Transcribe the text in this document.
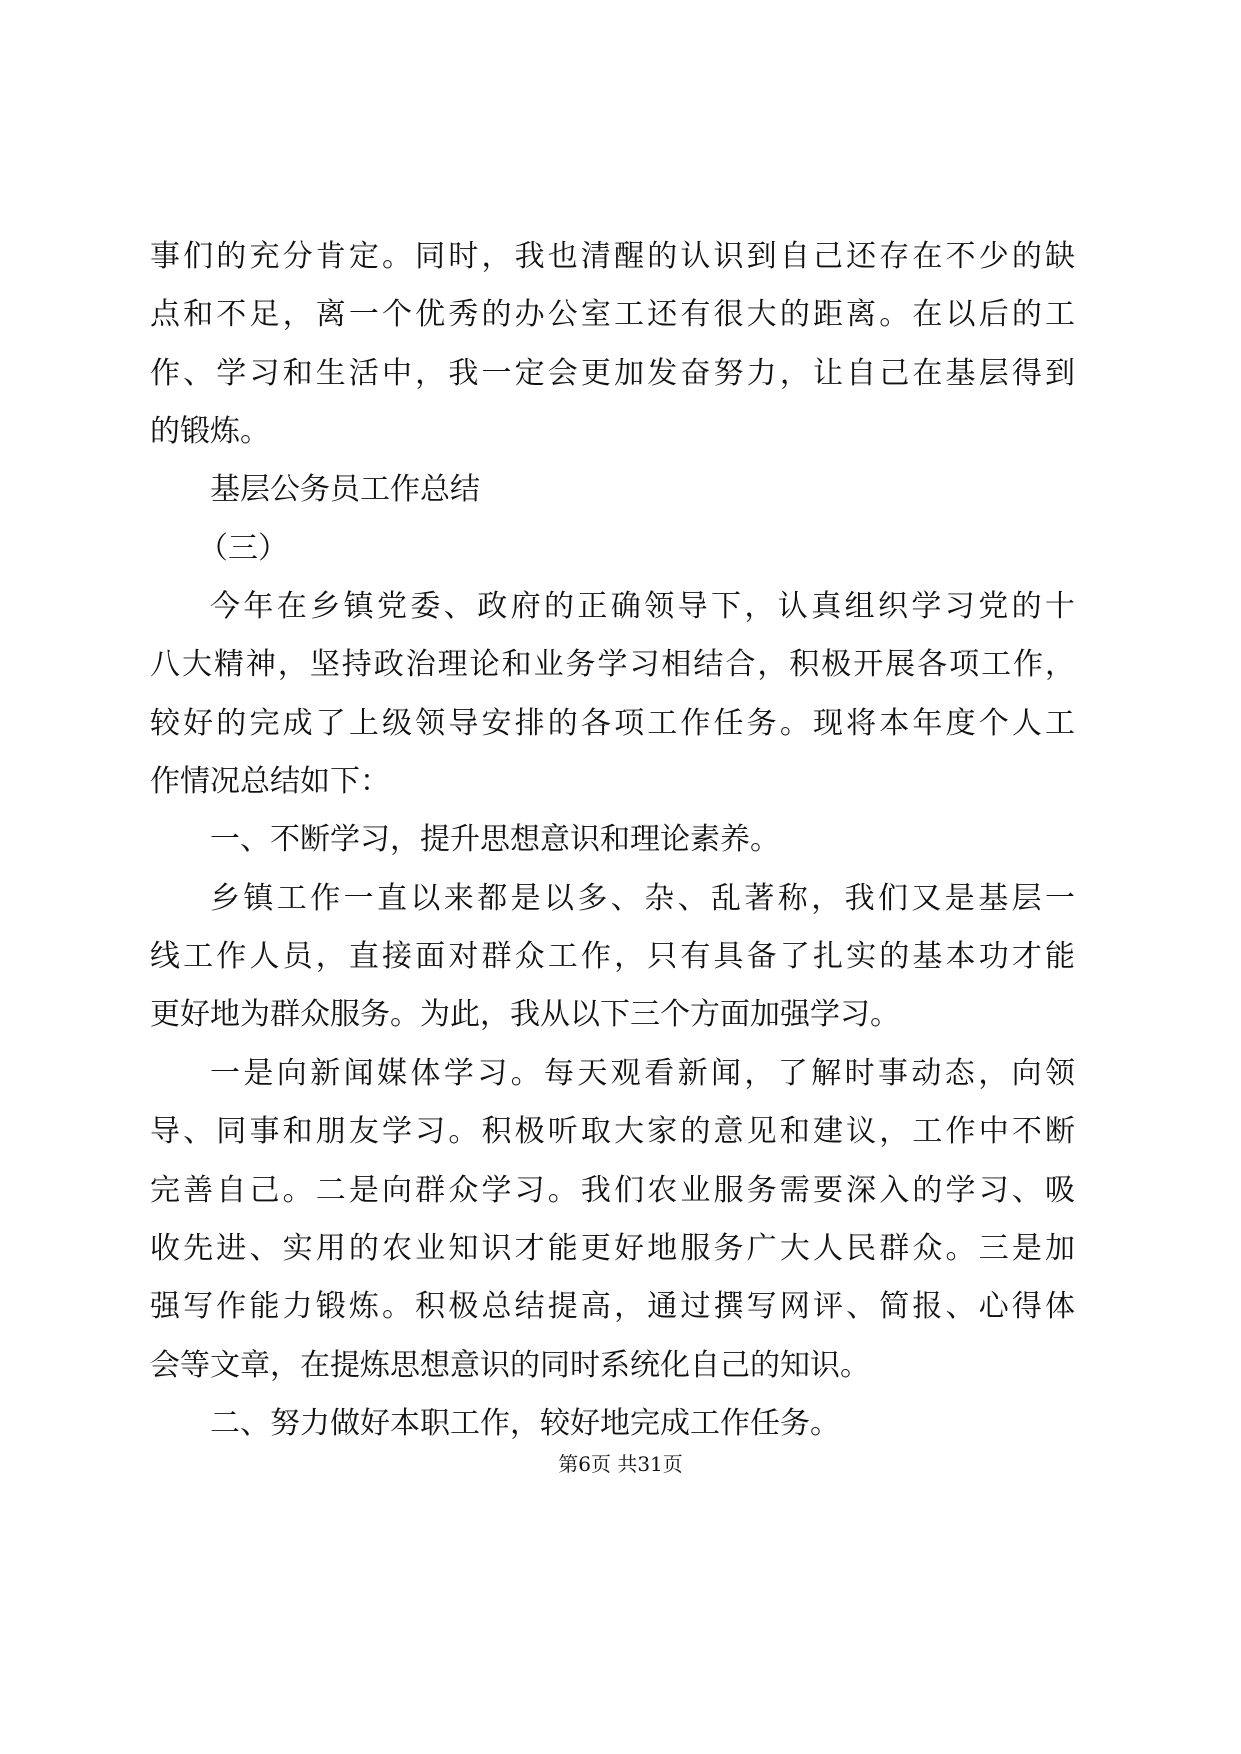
事们的充分肯定。同时，我也清醒的认识到自己还存在不少的缺
点和不足，离一个优秀的办公室工还有很大的距离。在以后的工
作、学习和生活中，我一定会更加发奋努力，让自己在基层得到
的锻炼。
基层公务员工作总结
（三）
今年在乡镇党委、政府的正确领导下，认真组织学习党的十
八大精神，坚持政治理论和业务学习相结合，积极开展各项工作，
较好的完成了上级领导安排的各项工作任务。现将本年度个人工
作情况总结如下：
一、不断学习，提升思想意识和理论素养。
乡镇工作一直以来都是以多、杂、乱著称，我们又是基层一
线工作人员，直接面对群众工作，只有具备了扎实的基本功才能
更好地为群众服务。为此，我从以下三个方面加强学习。
一是向新闻媒体学习。每天观看新闻，了解时事动态，向领
导、同事和朋友学习。积极听取大家的意见和建议，工作中不断
完善自己。二是向群众学习。我们农业服务需要深入的学习、吸
收先进、实用的农业知识才能更好地服务广大人民群众。三是加
强写作能力锻炼。积极总结提高，通过撰写网评、简报、心得体
会等文章，在提炼思想意识的同时系统化自己的知识。
二、努力做好本职工作，较好地完成工作任务。
第6页 共31页
